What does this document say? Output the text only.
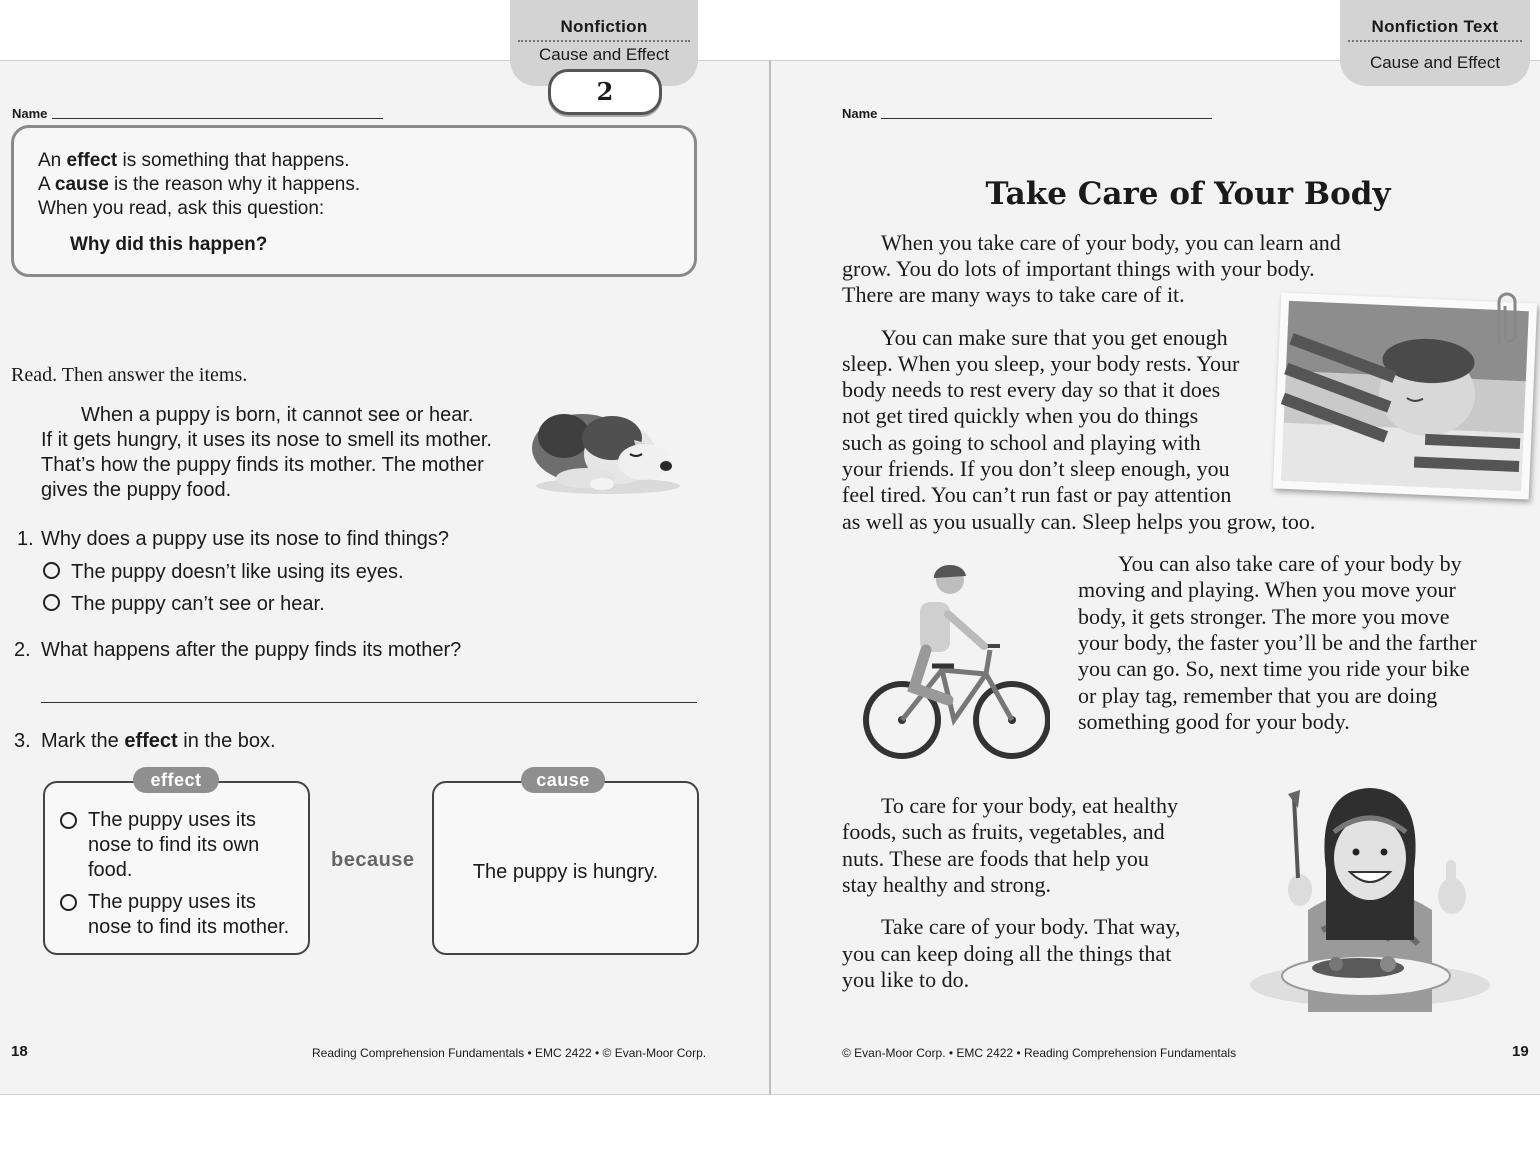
Nonfiction
Cause and Effect
2
Name
An effect is something that happens.
A cause is the reason why it happens.
When you read, ask this question:
Why did this happen?
Read. Then answer the items.
When a puppy is born, it cannot see or hear.
If it gets hungry, it uses its nose to smell its mother.
That’s how the puppy finds its mother. The mother
gives the puppy food.
1. Why does a puppy use its nose to find things?
The puppy doesn’t like using its eyes.
The puppy can’t see or hear.
2. What happens after the puppy finds its mother?
3. Mark the effect in the box.
The puppy uses its
nose to find its own
food.
The puppy uses its
nose to find its mother.
effect
because
The puppy is hungry.
cause
18	Reading Comprehension Fundamentals • EMC 2422 • © Evan-Moor Corp.
Nonfiction Text
Cause and Effect
Name
Take Care of Your Body
When you take care of your body, you can learn and
grow. You do lots of important things with your body.
There are many ways to take care of it.
You can make sure that you get enough
sleep. When you sleep, your body rests. Your
body needs to rest every day so that it does
not get tired quickly when you do things
such as going to school and playing with
your friends. If you don’t sleep enough, you
feel tired. You can’t run fast or pay attention
as well as you usually can. Sleep helps you grow, too.
You can also take care of your body by
moving and playing. When you move your
body, it gets stronger. The more you move
your body, the faster you’ll be and the farther
you can go. So, next time you ride your bike
or play tag, remember that you are doing
something good for your body.
To care for your body, eat healthy
foods, such as fruits, vegetables, and
nuts. These are foods that help you
stay healthy and strong.
Take care of your body. That way,
you can keep doing all the things that
you like to do.
© Evan-Moor Corp. • EMC 2422 • Reading Comprehension Fundamentals	19
